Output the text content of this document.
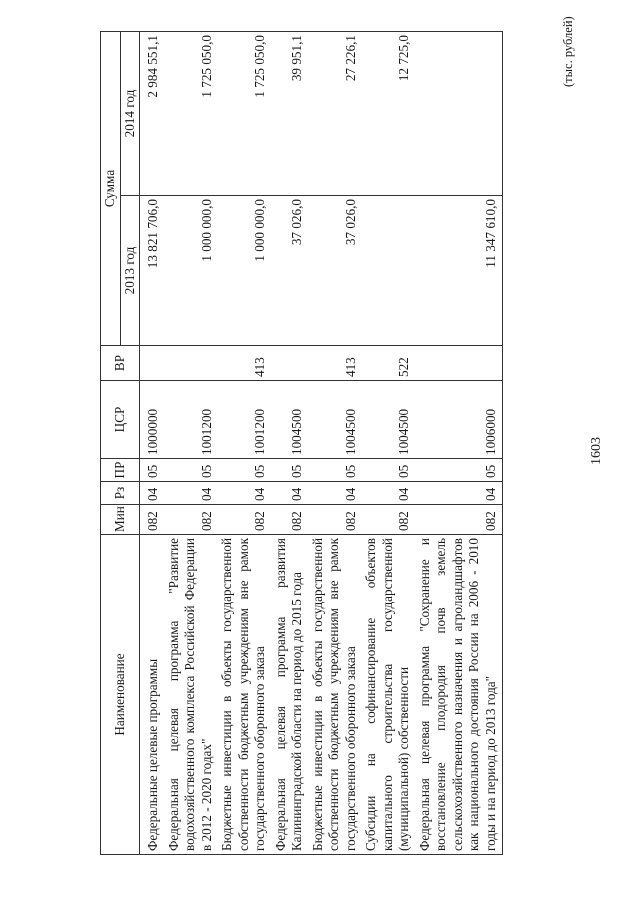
1603
(тыс. рублей)
Наименование	Мин	Рз	ПР	ЦСР	ВР	Сумма	
						2013 год	2014 год
Федеральные целевые программы	082	04	05	1000000		13 821 706,0	2 984 551,1
Федеральная целевая программа "Развитие водохозяйственного комплекса Российской Федерации в 2012 - 2020 годах"	082	04	05	1001200		1 000 000,0	1 725 050,0
Бюджетные инвестиции в объекты государственной собственности бюджетным учреждениям вне рамок государственного оборонного заказа	082	04	05	1001200	413	1 000 000,0	1 725 050,0
Федеральная целевая программа развития Калининградской области на период до 2015 года	082	04	05	1004500		37 026,0	39 951,1
Бюджетные инвестиции в объекты государственной собственности бюджетным учреждениям вне рамок государственного оборонного заказа	082	04	05	1004500	413	37 026,0	27 226,1
Субсидии на софинансирование объектов капитального строительства государственной (муниципальной) собственности	082	04	05	1004500	522		12 725,0
Федеральная целевая программа "Сохранение и восстановление плодородия почв земель сельскохозяйственного назначения и агроландшафтов как национального достояния России на 2006 - 2010 годы и на период до 2013 года"	082	04	05	1006000		11 347 610,0	
